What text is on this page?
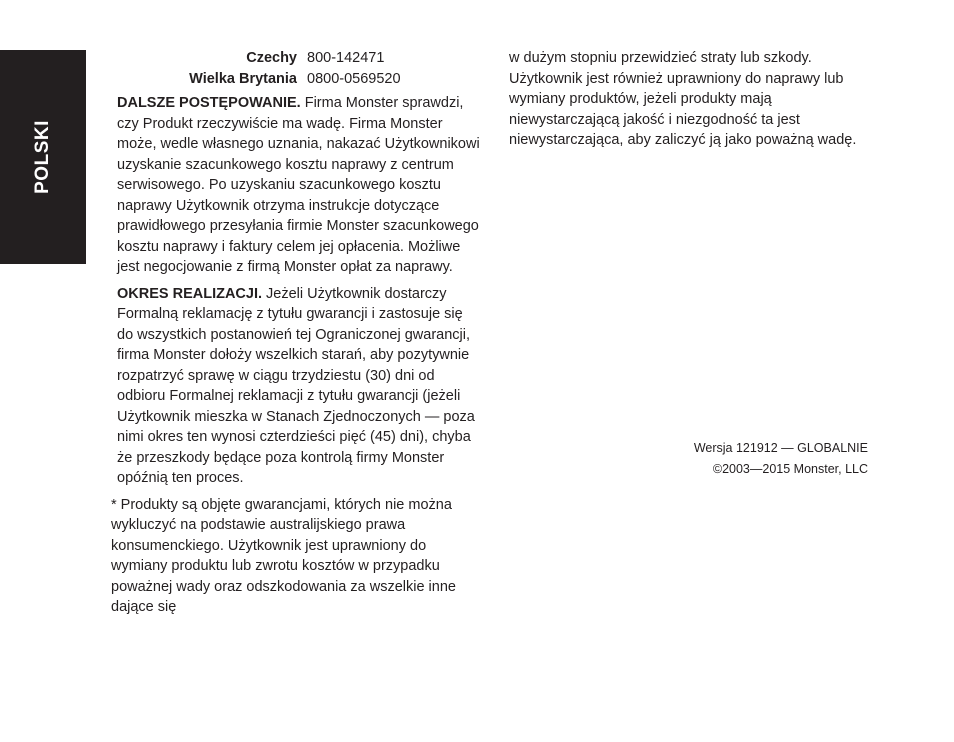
POLSKI
Czechy 800-142471
Wielka Brytania 0800-0569520

DALSZE POSTĘPOWANIE. Firma Monster sprawdzi, czy Produkt rzeczywiście ma wadę. Firma Monster może, wedle własnego uznania, nakazać Użytkownikowi uzyskanie szacunkowego kosztu naprawy z centrum serwisowego. Po uzyskaniu szacunkowego kosztu naprawy Użytkownik otrzyma instrukcje dotyczące prawidłowego przesyłania firmie Monster szacunkowego kosztu naprawy i faktury celem jej opłacenia. Możliwe jest negocjowanie z firmą Monster opłat za naprawy.

OKRES REALIZACJI. Jeżeli Użytkownik dostarczy Formalną reklamację z tytułu gwarancji i zastosuje się do wszystkich postanowień tej Ograniczonej gwarancji, firma Monster dołoży wszelkich starań, aby pozytywnie rozpatrzyć sprawę w ciągu trzydziestu (30) dni od odbioru Formalnej reklamacji z tytułu gwarancji (jeżeli Użytkownik mieszka w Stanach Zjednoczonych — poza nimi okres ten wynosi czterdzieści pięć (45) dni), chyba że przeszkody będące poza kontrolą firmy Monster opóźnią ten proces.

* Produkty są objęte gwarancjami, których nie można wykluczyć na podstawie australijskiego prawa konsumenckiego. Użytkownik jest uprawniony do wymiany produktu lub zwrotu kosztów w przypadku poważnej wady oraz odszkodowania za wszelkie inne dające się

w dużym stopniu przewidzieć straty lub szkody. Użytkownik jest również uprawniony do naprawy lub wymiany produktów, jeżeli produkty mają niewystarczającą jakość i niezgodność ta jest niewystarczająca, aby zaliczyć ją jako poważną wadę.

Wersja 121912 — GLOBALNIE
©2003—2015 Monster, LLC
